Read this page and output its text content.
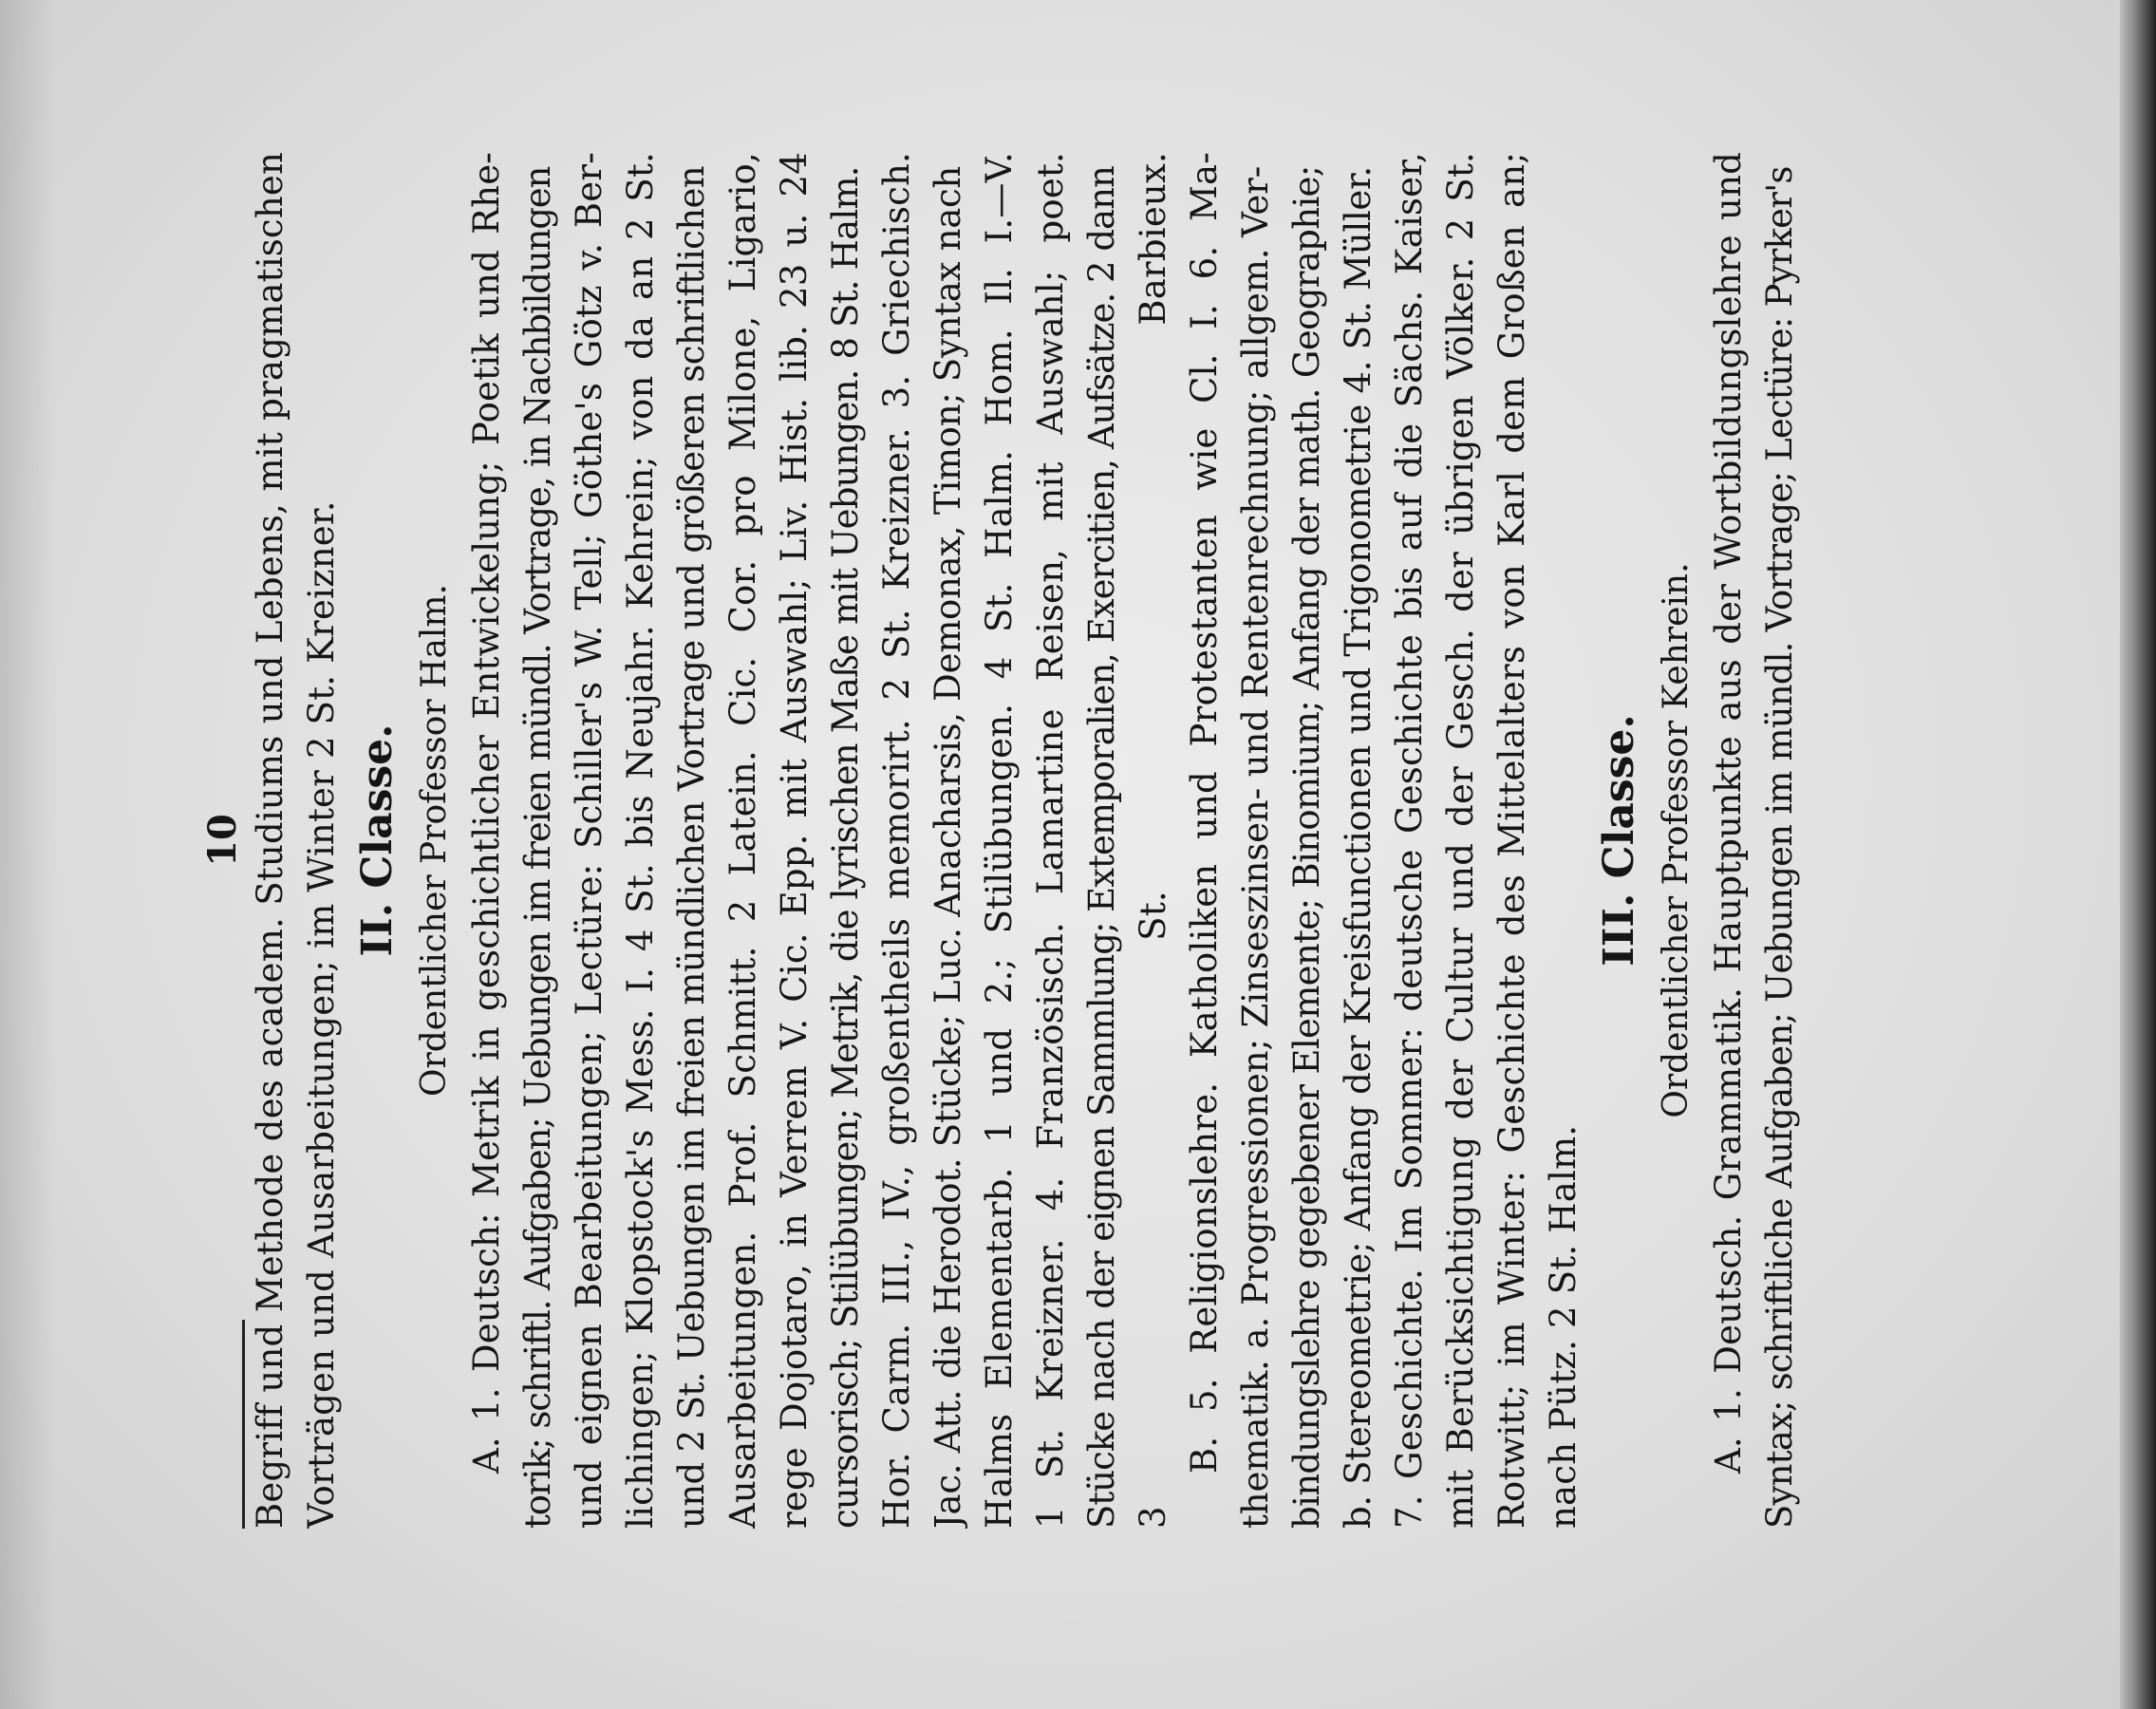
10 Begriff und Methode des academ. Studiums und Lebens, mit pragmatischen Vorträgen und Ausarbeitungen; im Winter 2 St. Kreizner. II. Classe. Ordentlicher Professor Halm. A. 1. Deutsch: Metrik in geschichtlicher Entwickelung; Poetik und Rhe- torik; schriftl. Aufgaben; Uebungen im freien mündl. Vortrage, in Nachbildungen und eignen Bearbeitungen; Lectüre: Schiller's W. Tell; Göthe's Götz v. Ber- lichingen; Klopstock's Mess. I. 4 St. bis Neujahr. Kehrein; von da an 2 St. und 2 St. Uebungen im freien mündlichen Vortrage und größeren schriftlichen Ausarbeitungen. Prof. Schmitt. 2 Latein. Cic. Cor. pro Milone, Ligario, rege Dojotaro, in Verrem V. Cic. Epp. mit Auswahl; Liv. Hist. lib. 23 u. 24 cursorisch; Stilübungen; Metrik, die lyrischen Maße mit Uebungen. 8 St. Halm. Hor. Carm. III., IV., großentheils memorirt. 2 St. Kreizner. 3. Griechisch. Jac. Att. die Herodot. Stücke; Luc. Anacharsis, Demonax, Timon; Syntax nach Halms Elementarb. 1 und 2.; Stilübungen. 4 St. Halm. Hom. Il. I.—V. 1 St. Kreizner. 4. Französisch. Lamartine Reisen, mit Auswahl; poet. Stücke nach der eignen Sammlung; Extemporalien, Exercitien, Aufsätze. 2 dann 3 St. Barbieux. B. 5. Religionslehre. Katholiken und Protestanten wie Cl. I. 6. Ma- thematik. a. Progressionen; Zinseszinsen- und Rentenrechnung; allgem. Ver- bindungslehre gegebener Elemente; Binomium; Anfang der math. Geographie; b. Stereometrie; Anfang der Kreisfunctionen und Trigonometrie 4. St. Müller. 7. Geschichte. Im Sommer: deutsche Geschichte bis auf die Sächs. Kaiser, mit Berücksichtigung der Cultur und der Gesch. der übrigen Völker. 2 St. Rotwitt; im Winter: Geschichte des Mittelalters von Karl dem Großen an; nach Pütz. 2 St. Halm.
III. Classe. Ordentlicher Professor Kehrein. A. 1. Deutsch. Grammatik. Hauptpunkte aus der Wortbildungslehre und Syntax; schriftliche Aufgaben; Uebungen im mündl. Vortrage; Lectüre: Pyrker's
